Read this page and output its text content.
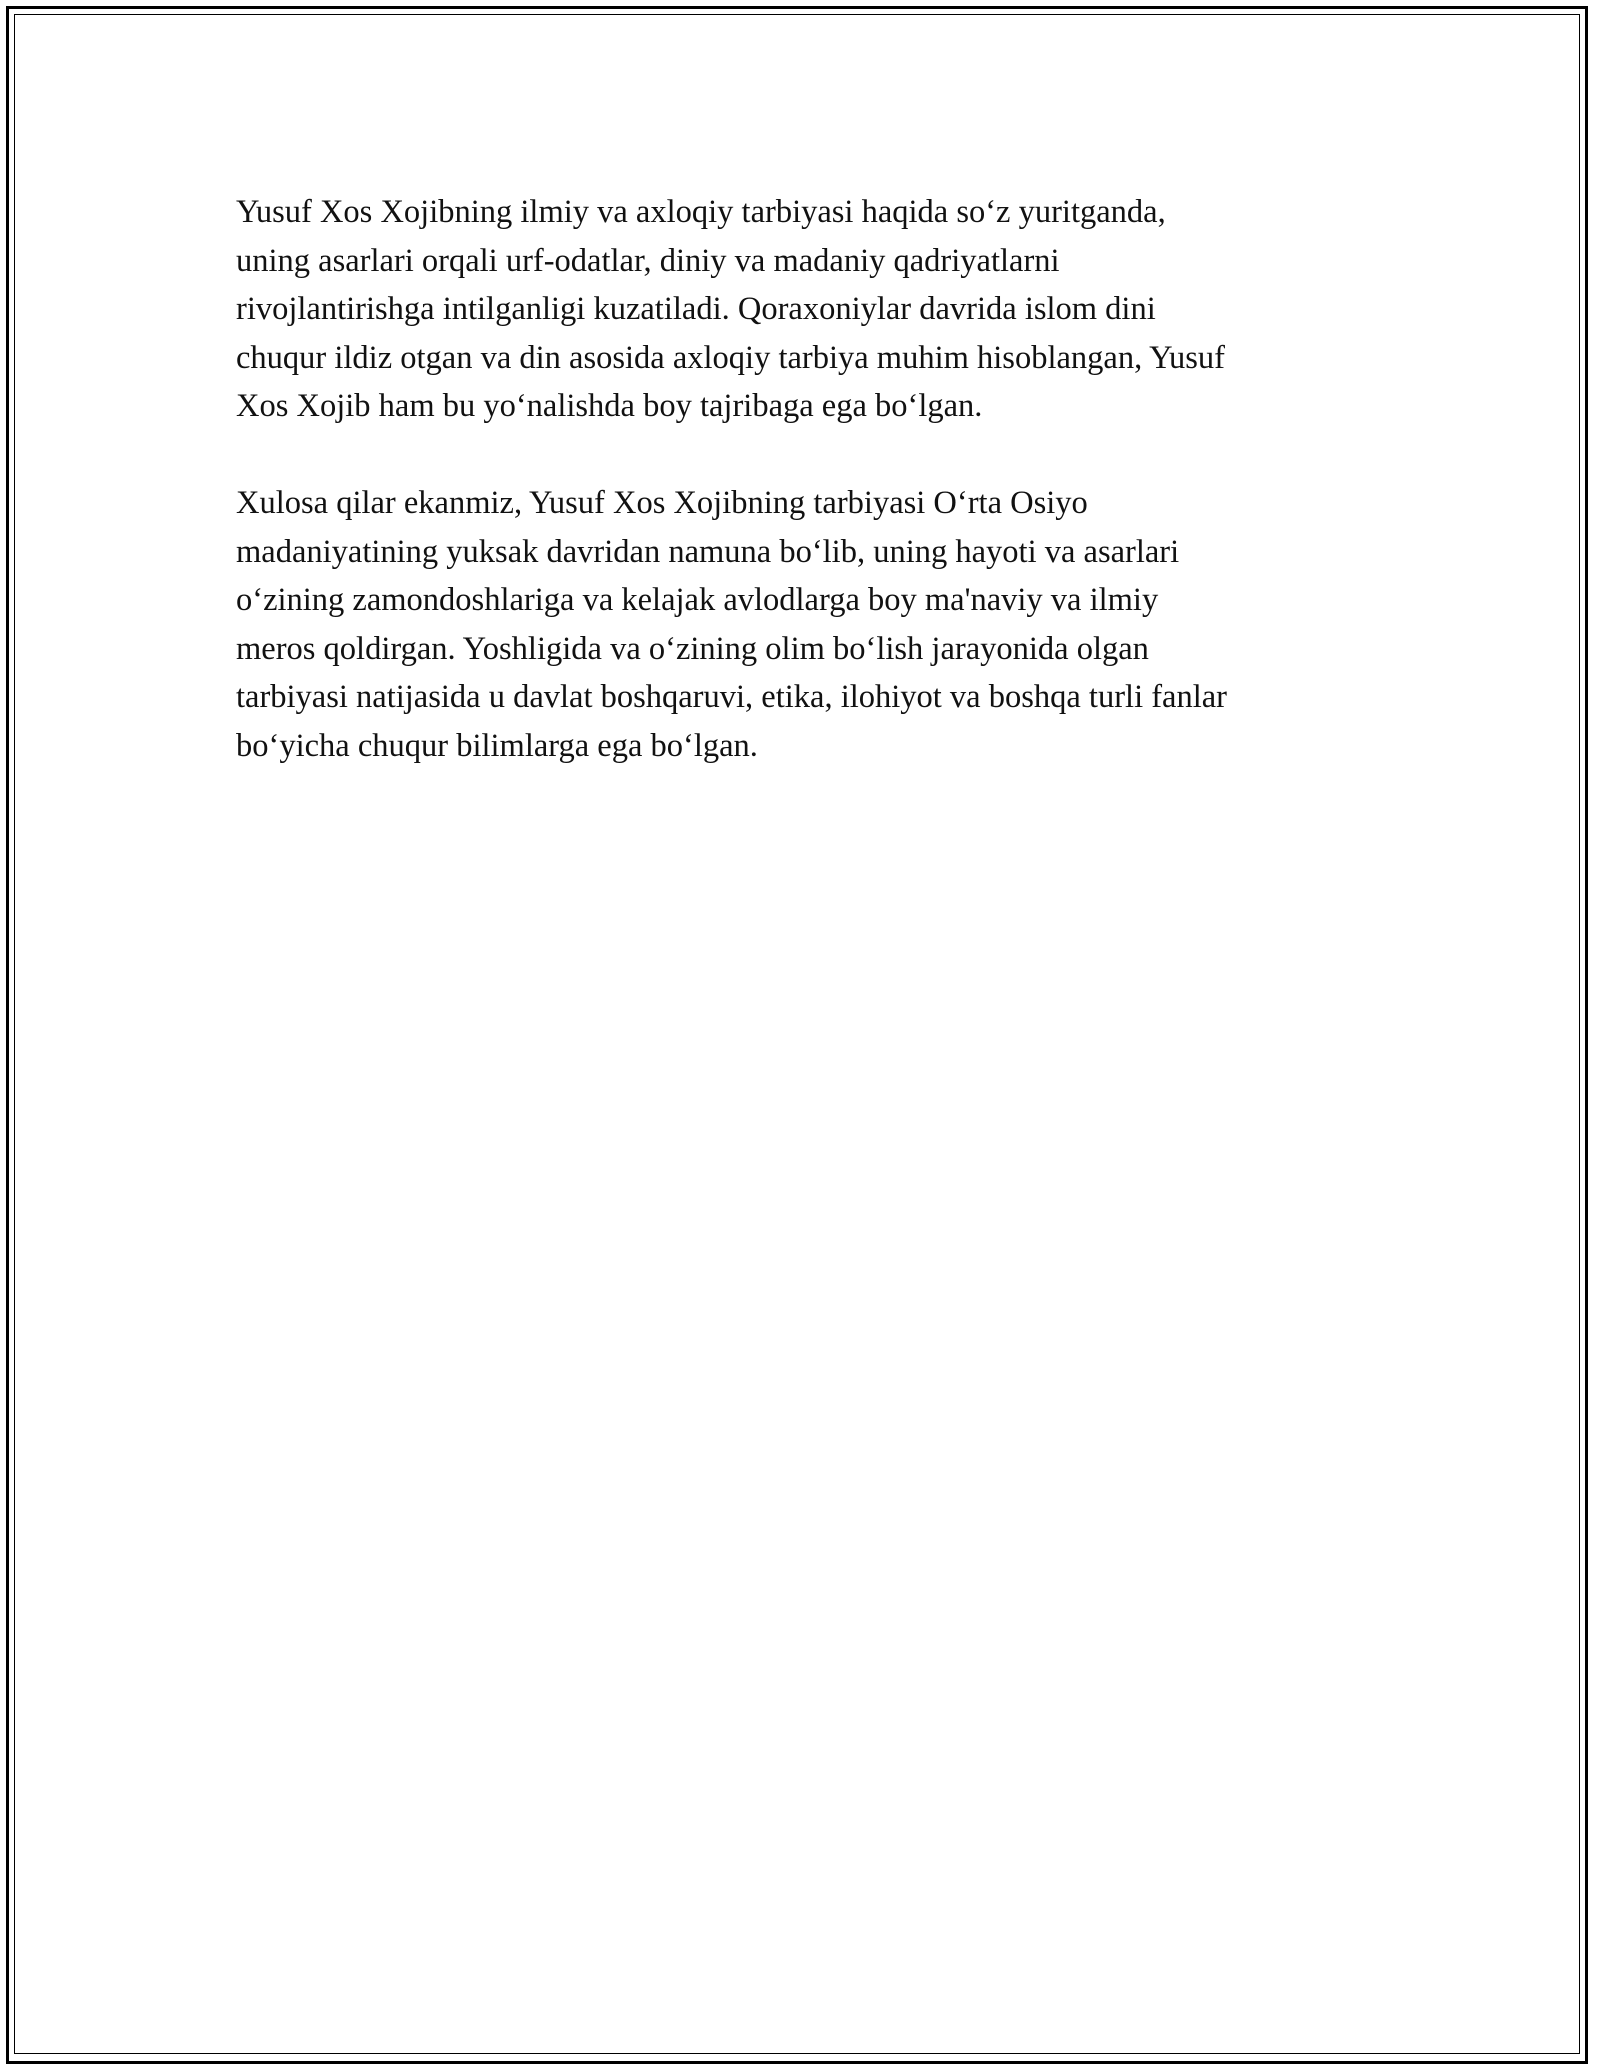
Yusuf Xos Xojibning ilmiy va axloqiy tarbiyasi haqida so‘z yuritganda,
uning asarlari orqali urf-odatlar, diniy va madaniy qadriyatlarni
rivojlantirishga intilganligi kuzatiladi. Qoraxoniylar davrida islom dini
chuqur ildiz otgan va din asosida axloqiy tarbiya muhim hisoblangan, Yusuf
Xos Xojib ham bu yo‘nalishda boy tajribaga ega bo‘lgan.

Xulosa qilar ekanmiz, Yusuf Xos Xojibning tarbiyasi O‘rta Osiyo
madaniyatining yuksak davridan namuna bo‘lib, uning hayoti va asarlari
o‘zining zamondoshlariga va kelajak avlodlarga boy ma'naviy va ilmiy
meros qoldirgan. Yoshligida va o‘zining olim bo‘lish jarayonida olgan
tarbiyasi natijasida u davlat boshqaruvi, etika, ilohiyot va boshqa turli fanlar
bo‘yicha chuqur bilimlarga ega bo‘lgan.
